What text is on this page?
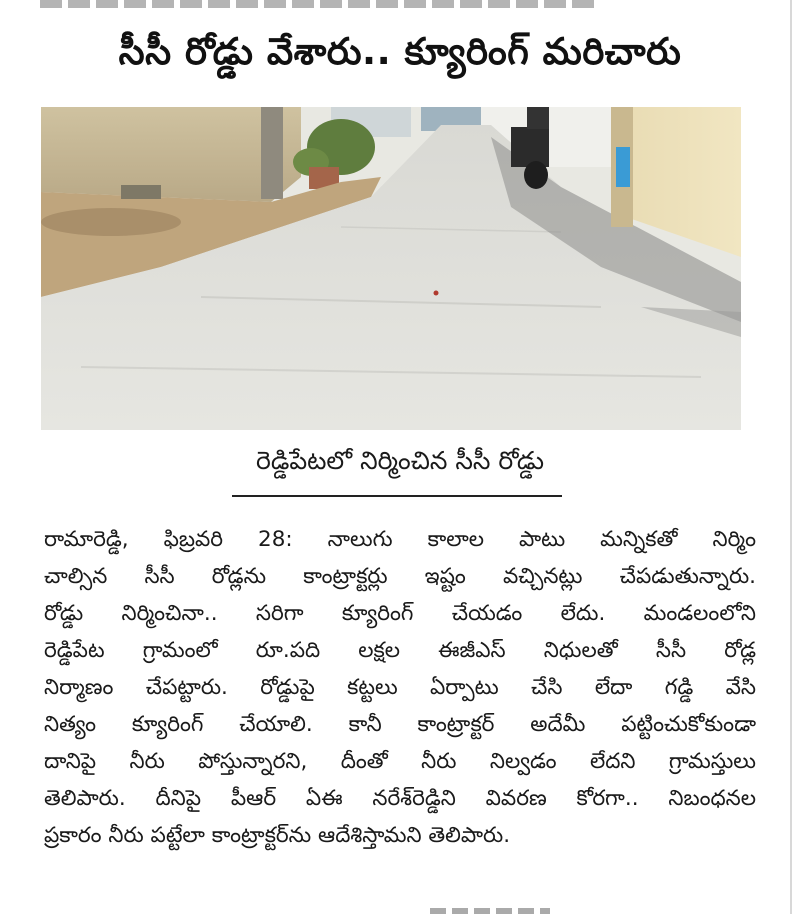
సీసీ రోడ్డు వేశారు.. క్యూరింగ్‌ మరిచారు
రెడ్డిపేటలో నిర్మించిన సీసీ రోడ్డు
రామారెడ్డి, ఫిబ్రవరి 28: నాలుగు కాలాల పాటు మన్నికతో నిర్మిం
చాల్సిన సీసీ రోడ్లను కాంట్రాక్టర్లు ఇష్టం వచ్చినట్లు చేపడుతున్నారు.
రోడ్డు నిర్మించినా.. సరిగా క్యూరింగ్‌ చేయడం లేదు. మండలంలోని
రెడ్డిపేట గ్రామంలో రూ.పది లక్షల ఈజీఎస్‌ నిధులతో సీసీ రోడ్ల
నిర్మాణం చేపట్టారు. రోడ్డుపై కట్టలు ఏర్పాటు చేసి లేదా గడ్డి వేసి
నిత్యం క్యూరింగ్‌ చేయాలి. కానీ కాంట్రాక్టర్‌ అదేమీ పట్టించుకోకుండా
దానిపై నీరు పోస్తున్నారని, దీంతో నీరు నిల్వడం లేదని గ్రామస్తులు
తెలిపారు. దీనిపై పీఆర్‌ ఏఈ నరేశ్‌రెడ్డిని వివరణ కోరగా.. నిబంధనల
ప్రకారం నీరు పట్టేలా కాంట్రాక్టర్‌ను ఆదేశిస్తామని తెలిపారు.
